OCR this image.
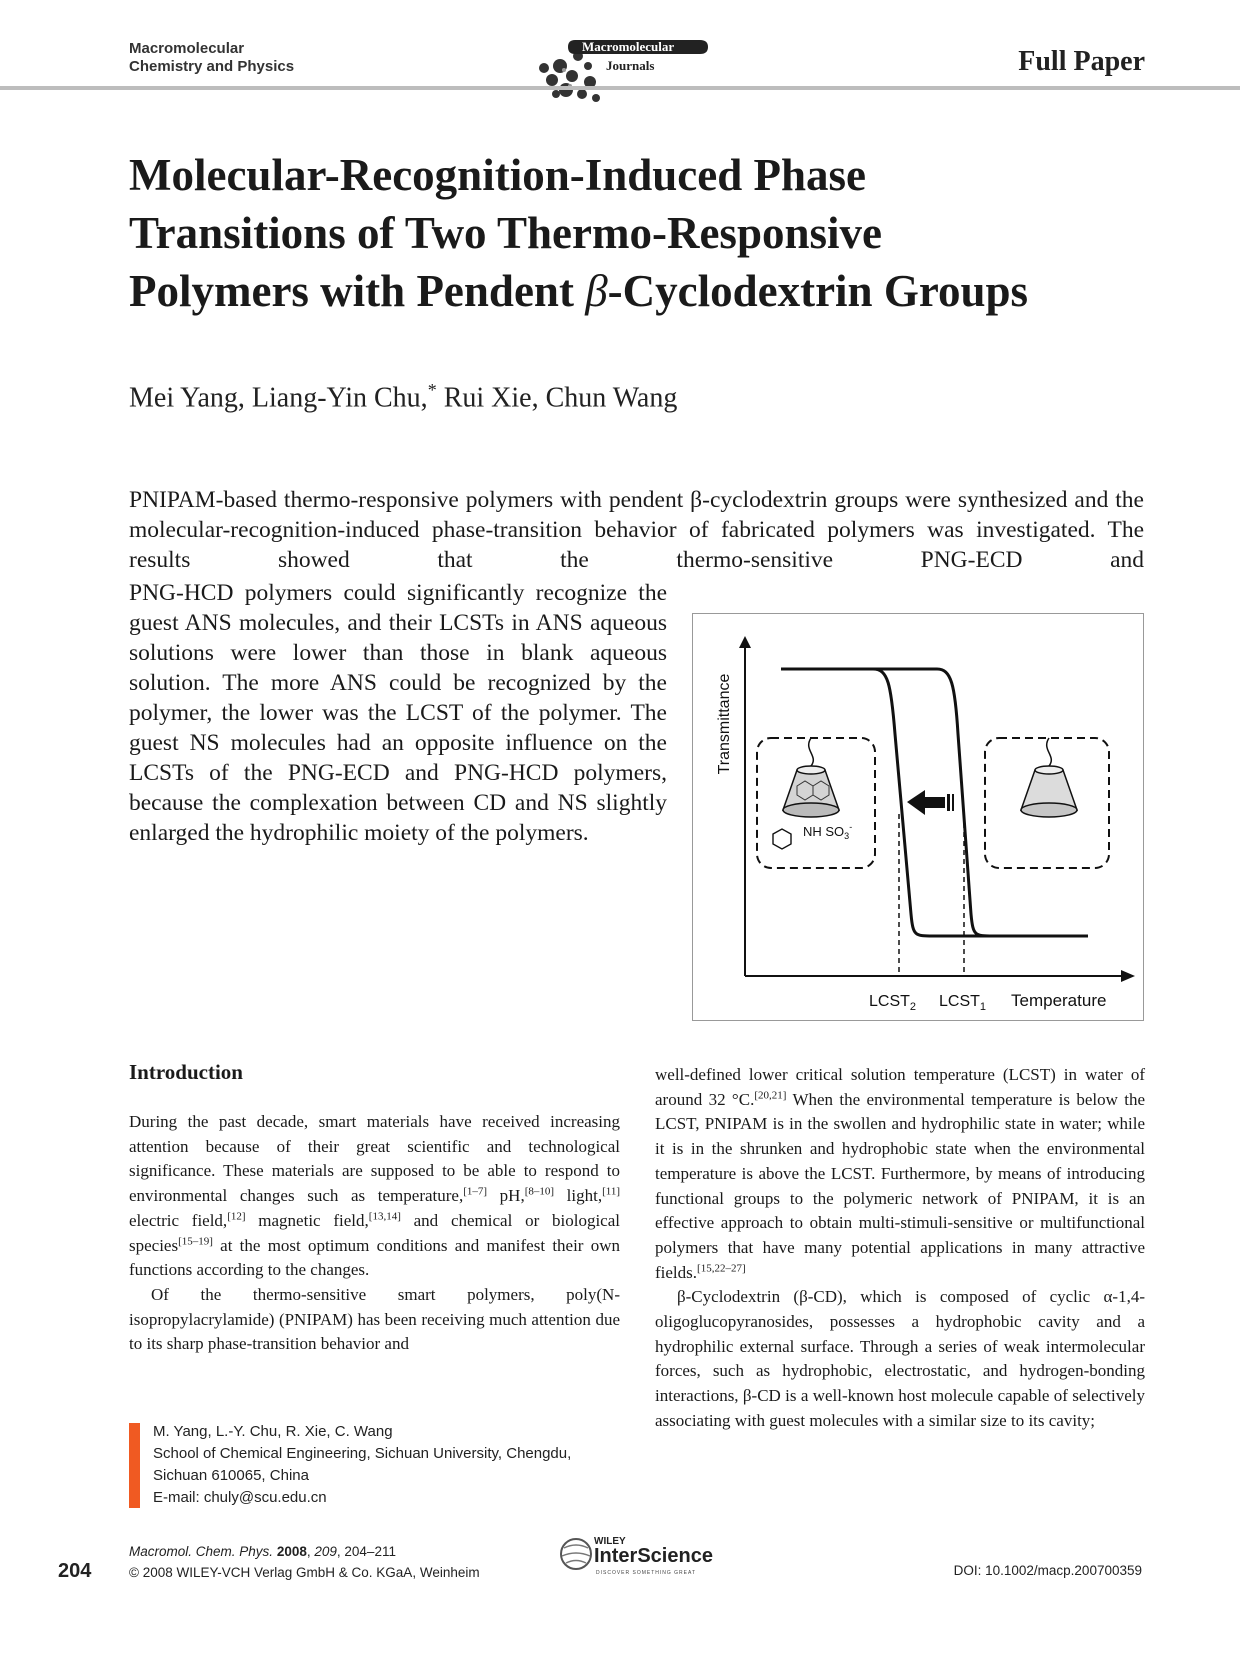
Macromolecular
Chemistry and Physics
Macromolecular
Journals	Full Paper
Molecular-Recognition-Induced Phase
Transitions of Two Thermo-Responsive
Polymers with Pendent β-Cyclodextrin Groups
Mei Yang, Liang-Yin Chu,* Rui Xie, Chun Wang
PNIPAM-based thermo-responsive polymers with pendent β-cyclodextrin groups were synthesized and the molecular-recognition-induced phase-transition behavior of fabricated polymers was investigated. The results showed that the thermo-sensitive PNG-ECD and
PNG-HCD polymers could significantly recognize the guest ANS molecules, and their LCSTs in ANS aqueous solutions were lower than those in blank aqueous solution. The more ANS could be recognized by the polymer, the lower was the LCST of the polymer. The guest NS molecules had an opposite influence on the LCSTs of the PNG-ECD and PNG-HCD polymers, because the complexation between CD and NS slightly enlarged the hydrophilic moiety of the polymers.	NH $SO_3^-$
Transmittance
$LCST_2$ $LCST_1$ Temperature
Introduction

During the past decade, smart materials have received increasing attention because of their great scientific and technological significance. These materials are supposed to be able to respond to environmental changes such as temperature,[1–7] pH,[8–10] light,[11] electric field,[12] magnetic field,[13,14] and chemical or biological species[15–19] at the most optimum conditions and manifest their own functions according to the changes.

Of the thermo-sensitive smart polymers, poly(N-isopropylacrylamide) (PNIPAM) has been receiving much attention due to its sharp phase-transition behavior and

well-defined lower critical solution temperature (LCST) in water of around 32 °C.[20,21] When the environmental temperature is below the LCST, PNIPAM is in the swollen and hydrophilic state in water; while it is in the shrunken and hydrophobic state when the environmental temperature is above the LCST. Furthermore, by means of introducing functional groups to the polymeric network of PNIPAM, it is an effective approach to obtain multi-stimuli-sensitive or multifunctional polymers that have many potential applications in many attractive fields.[15,22–27]

β-Cyclodextrin (β-CD), which is composed of cyclic α-1,4-oligoglucopyranosides, possesses a hydrophobic cavity and a hydrophilic external surface. Through a series of weak intermolecular forces, such as hydrophobic, electrostatic, and hydrogen-bonding interactions, β-CD is a well-known host molecule capable of selectively associating with guest molecules with a similar size to its cavity;

M. Yang, L.-Y. Chu, R. Xie, C. Wang
School of Chemical Engineering, Sichuan University, Chengdu,
Sichuan 610065, China
E-mail: chuly@scu.edu.cn
204
Macromol. Chem. Phys. 2008, 209, 204–211
© 2008 WILEY-VCH Verlag GmbH & Co. KGaA, Weinheim
WILEY
InterScience
DISCOVER SOMETHING GREAT	DOI: 10.1002/macp.200700359
